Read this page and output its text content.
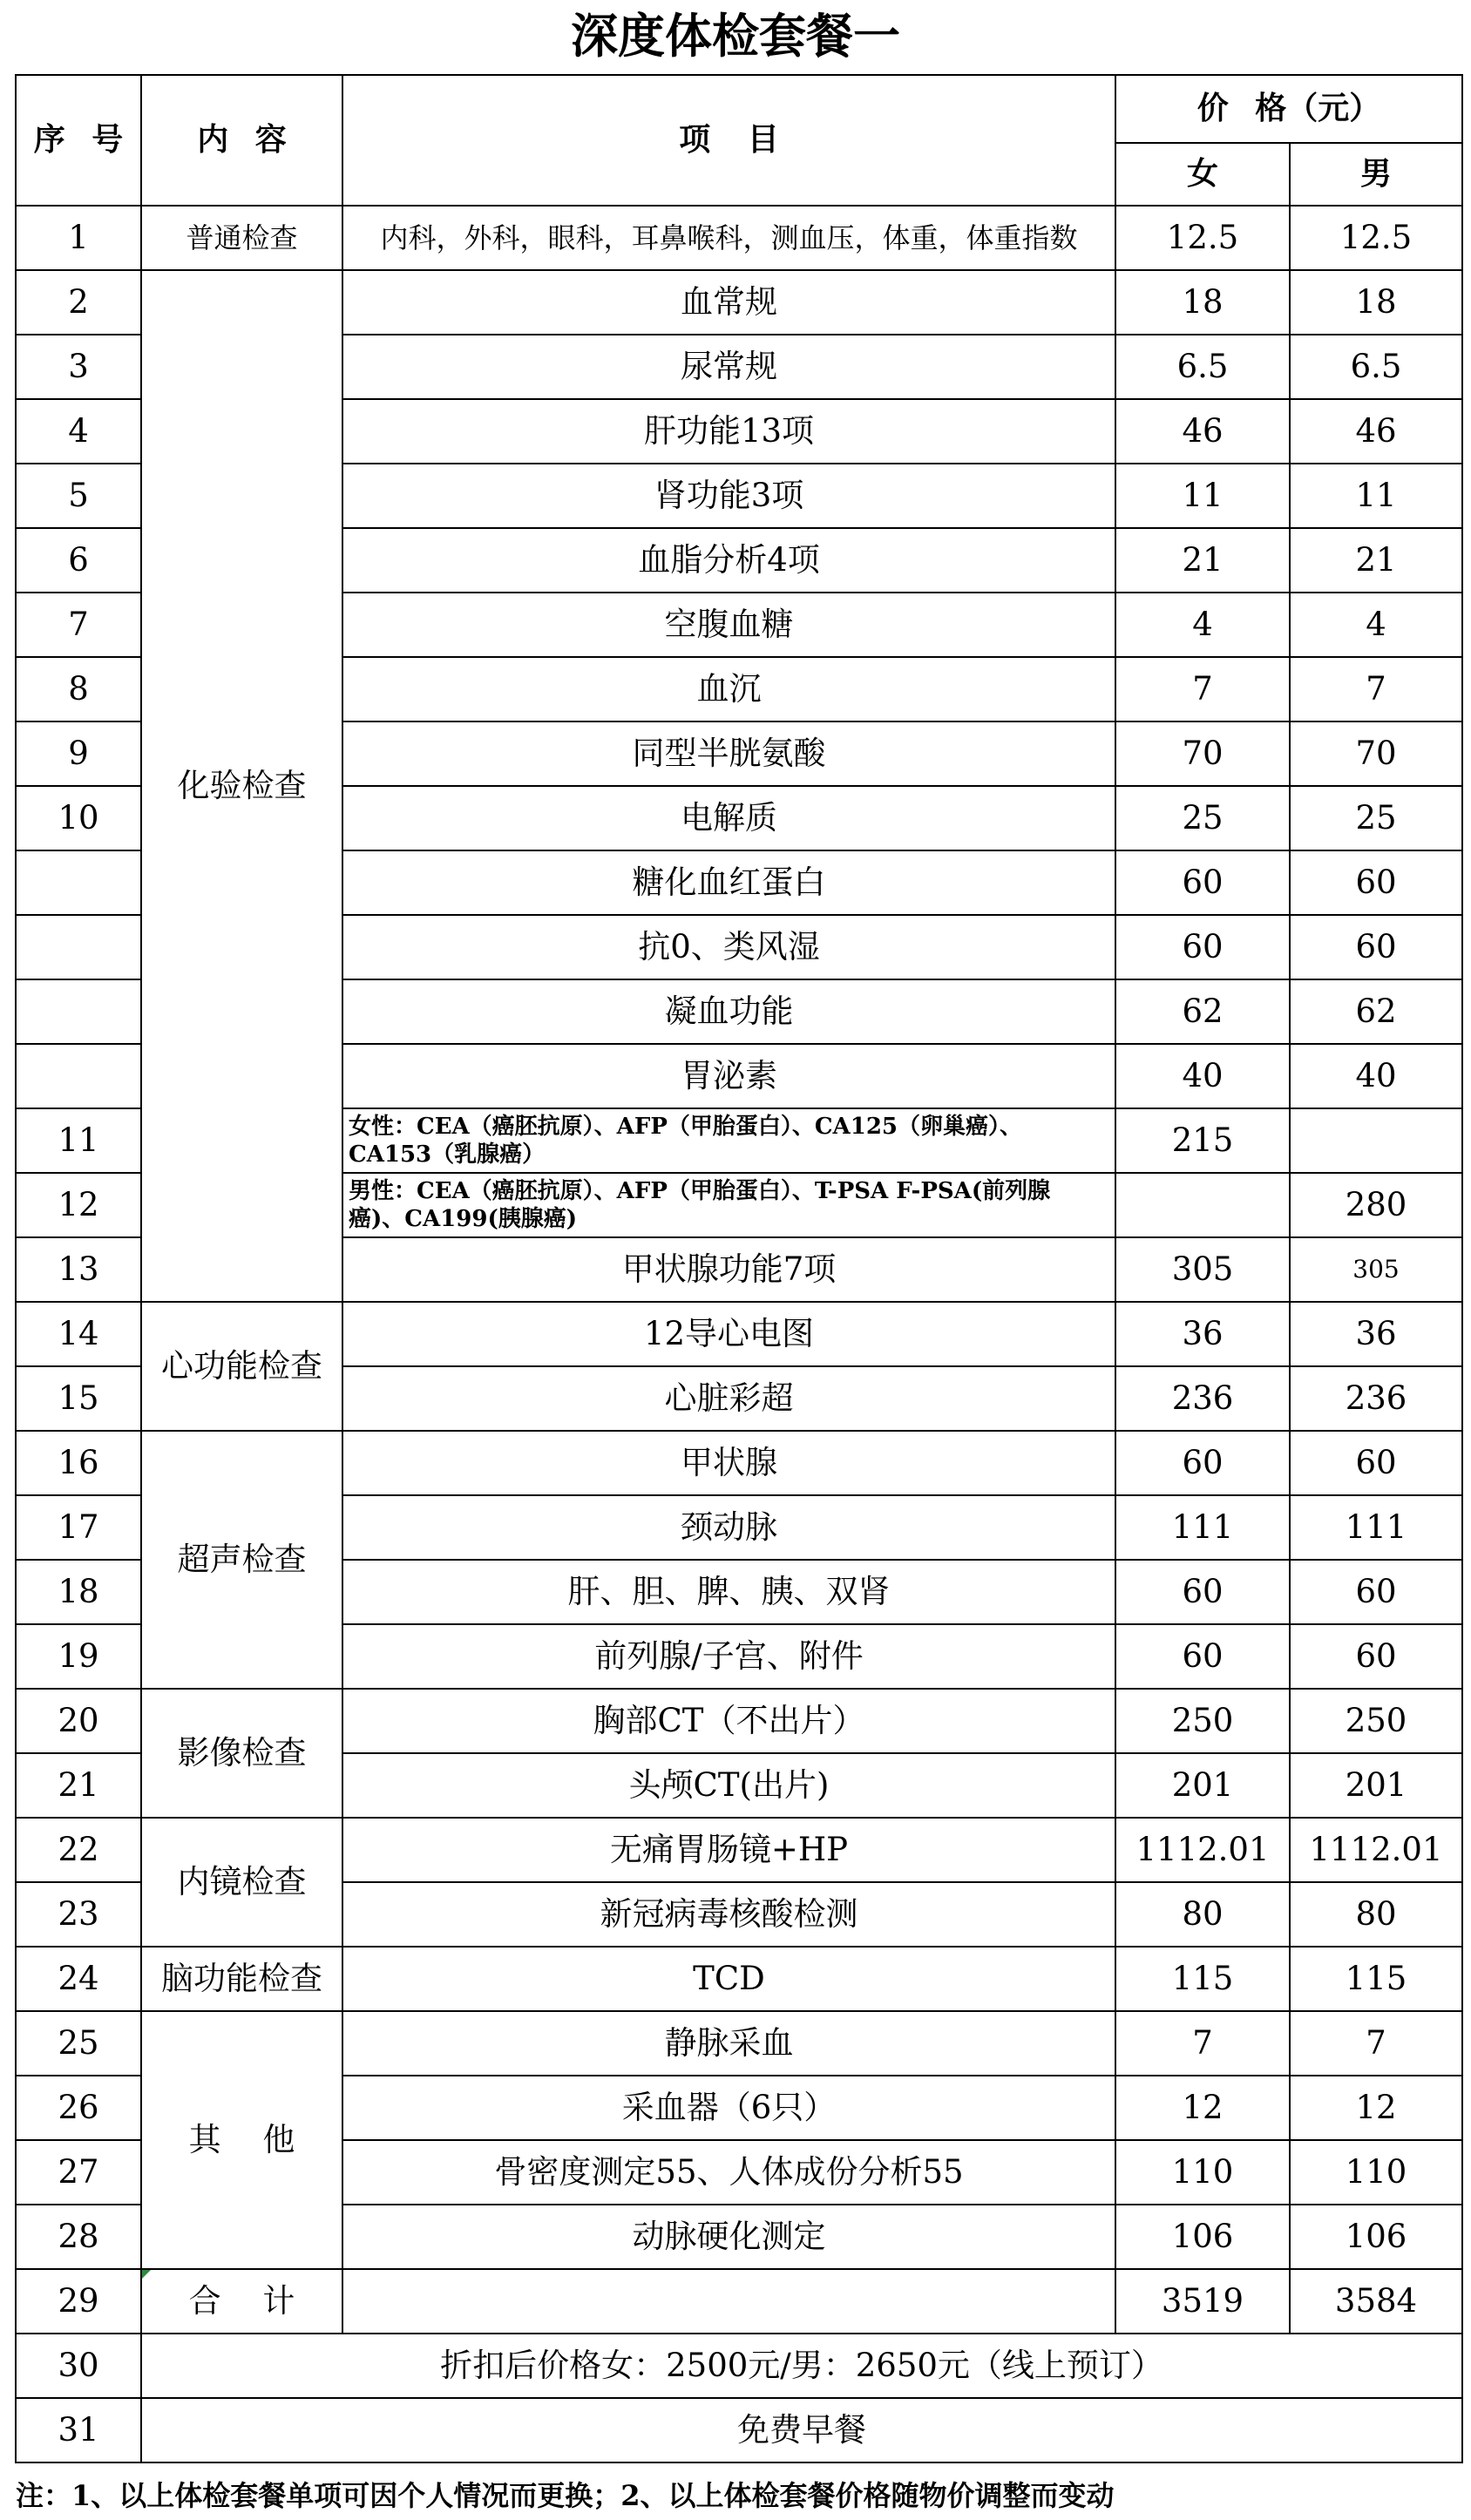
深度体检套餐一
序 号	内 容	项 目	价 格（元）	
			女	男
1	普通检查	内科，外科，眼科，耳鼻喉科，测血压，体重，体重指数	12.5	12.5
2	化验检查	血常规	18	18
3		尿常规	6.5	6.5
4		肝功能13项	46	46
5		肾功能3项	11	11
6		血脂分析4项	21	21
7		空腹血糖	4	4
8		血沉	7	7
9		同型半胱氨酸	70	70
10		电解质	25	25
		糖化血红蛋白	60	60
		抗0、类风湿	60	60
		凝血功能	62	62
		胃泌素	40	40
11		女性：CEA（癌胚抗原）、AFP（甲胎蛋白）、CA125（卵巢癌）、
CA153（乳腺癌）	215	
12		男性：CEA（癌胚抗原）、AFP（甲胎蛋白）、T-PSA F-PSA(前列腺
癌)、CA199(胰腺癌)		280
13		甲状腺功能7项	305	305
14	心功能检查	12导心电图	36	36
15		心脏彩超	236	236
16	超声检查	甲状腺	60	60
17		颈动脉	111	111
18		肝、胆、脾、胰、双肾	60	60
19		前列腺/子宫、附件	60	60
20	影像检查	胸部CT（不出片）	250	250
21		头颅CT(出片)	201	201
22	内镜检查	无痛胃肠镜+HP	1112.01	1112.01
23		新冠病毒核酸检测	80	80
24	脑功能检查	TCD	115	115
25	其 他	静脉采血	7	7
26		采血器（6只）	12	12
27		骨密度测定55、人体成份分析55	110	110
28		动脉硬化测定	106	106
29	合 计		3519	3584
30	折扣后价格女：2500元/男：2650元（线上预订）			
31	免费早餐			
注：1、以上体检套餐单项可因个人情况而更换；2、以上体检套餐价格随物价调整而变动
